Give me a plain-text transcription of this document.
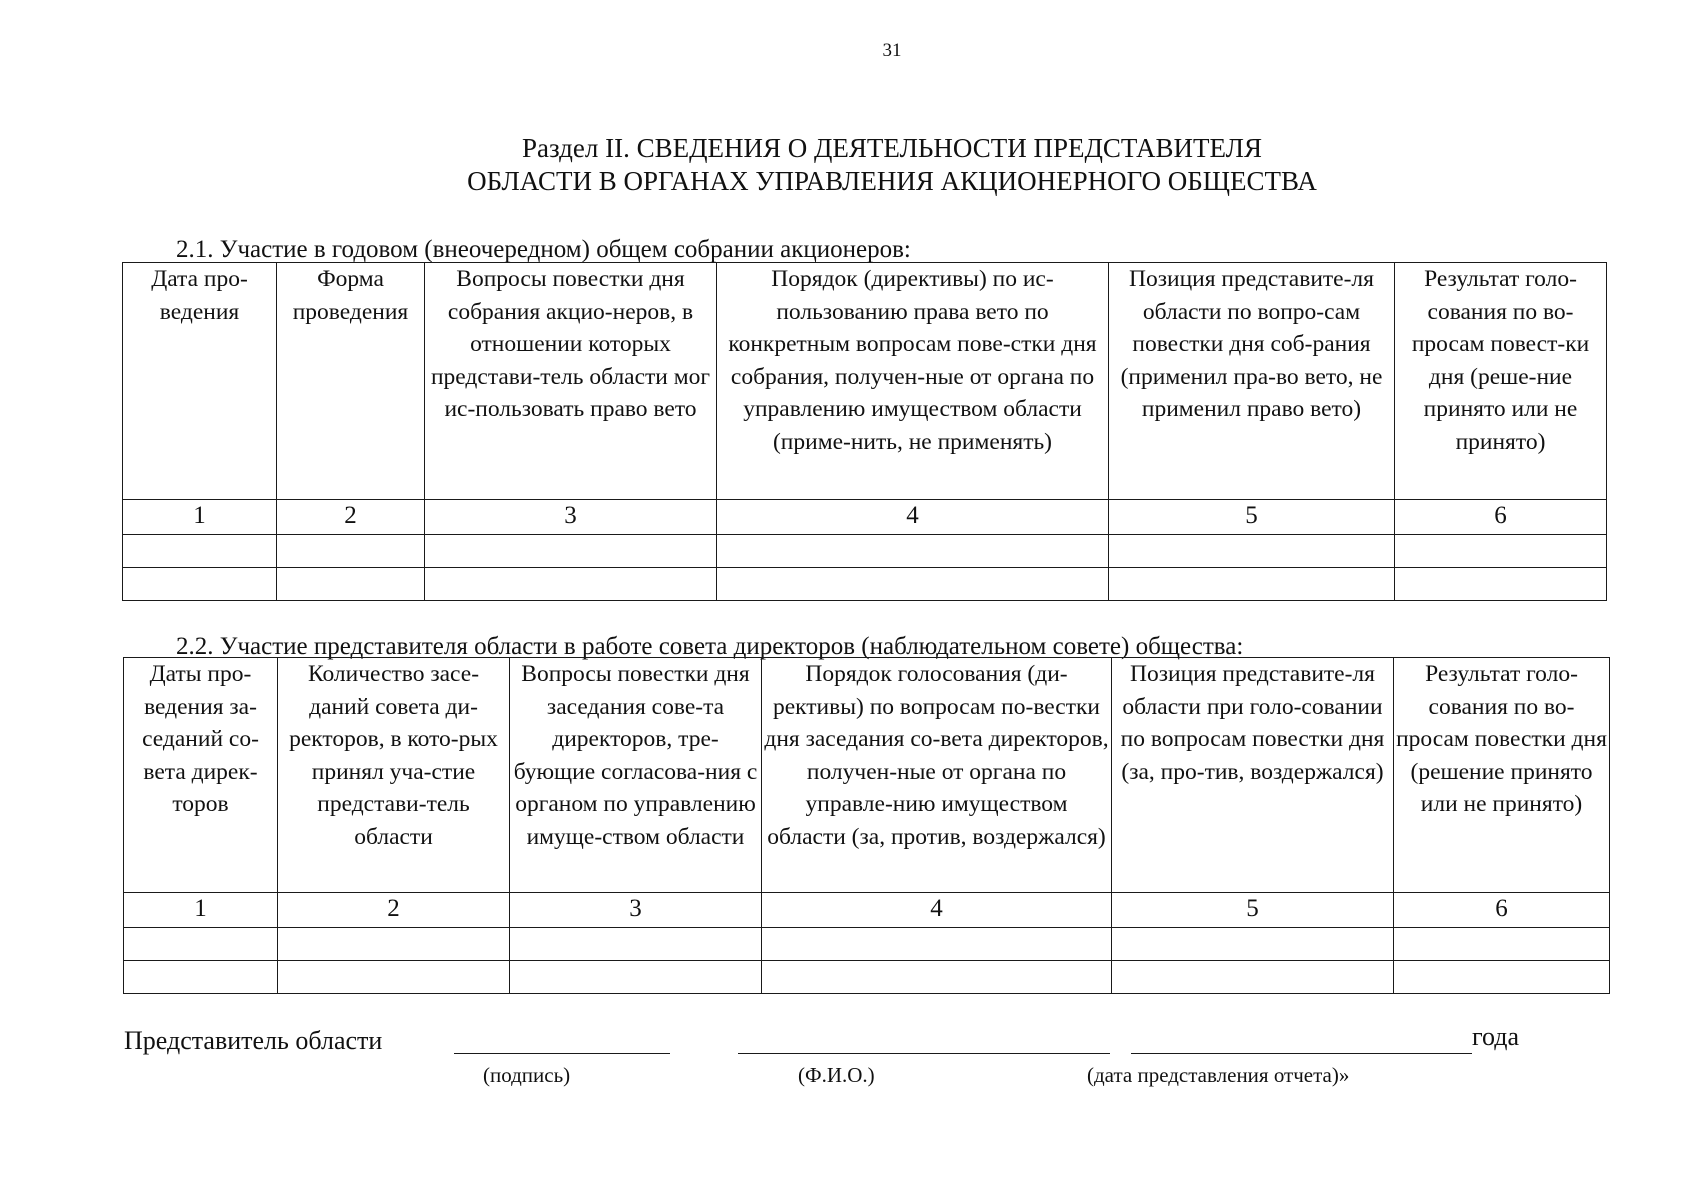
31
Раздел II. СВЕДЕНИЯ О ДЕЯТЕЛЬНОСТИ ПРЕДСТАВИТЕЛЯ
ОБЛАСТИ В ОРГАНАХ УПРАВЛЕНИЯ АКЦИОНЕРНОГО ОБЩЕСТВА
2.1. Участие в годовом (внеочередном) общем собрании акционеров:
Дата про- ведения	Форма проведения	Вопросы повестки дня собрания акцио-неров, в отношении которых представи-тель области мог ис-пользовать право вето	Порядок (директивы) по ис-пользованию права вето по конкретным вопросам пове-стки дня собрания, получен-ные от органа по управлению имуществом области (приме-нить, не применять)	Позиция представите-ля области по вопро-сам повестки дня соб-рания (применил пра-во вето, не применил право вето)	Результат голо-сования по во-просам повест-ки дня (реше-ние принято или не принято)
1	2	3	4	5	6

2.2. Участие представителя области в работе совета директоров (наблюдательном совете) общества:
Даты про-ведения за-седаний со-вета дирек-торов	Количество засе-даний совета ди-ректоров, в кото-рых принял уча-стие представи-тель области	Вопросы повестки дня заседания сове-та директоров, тре-бующие согласова-ния с органом по управлению имуще-ством области	Порядок голосования (ди-рективы) по вопросам по-вестки дня заседания со-вета директоров, получен-ные от органа по управле-нию имуществом области (за, против, воздержался)	Позиция представите-ля области при голо-совании по вопросам повестки дня (за, про-тив, воздержался)	Результат голо-сования по во-просам повестки дня (решение принято или не принято)
1	2	3	4	5	6

Представитель области	года
(подпись)	(Ф.И.О.)	(дата представления отчета)»
